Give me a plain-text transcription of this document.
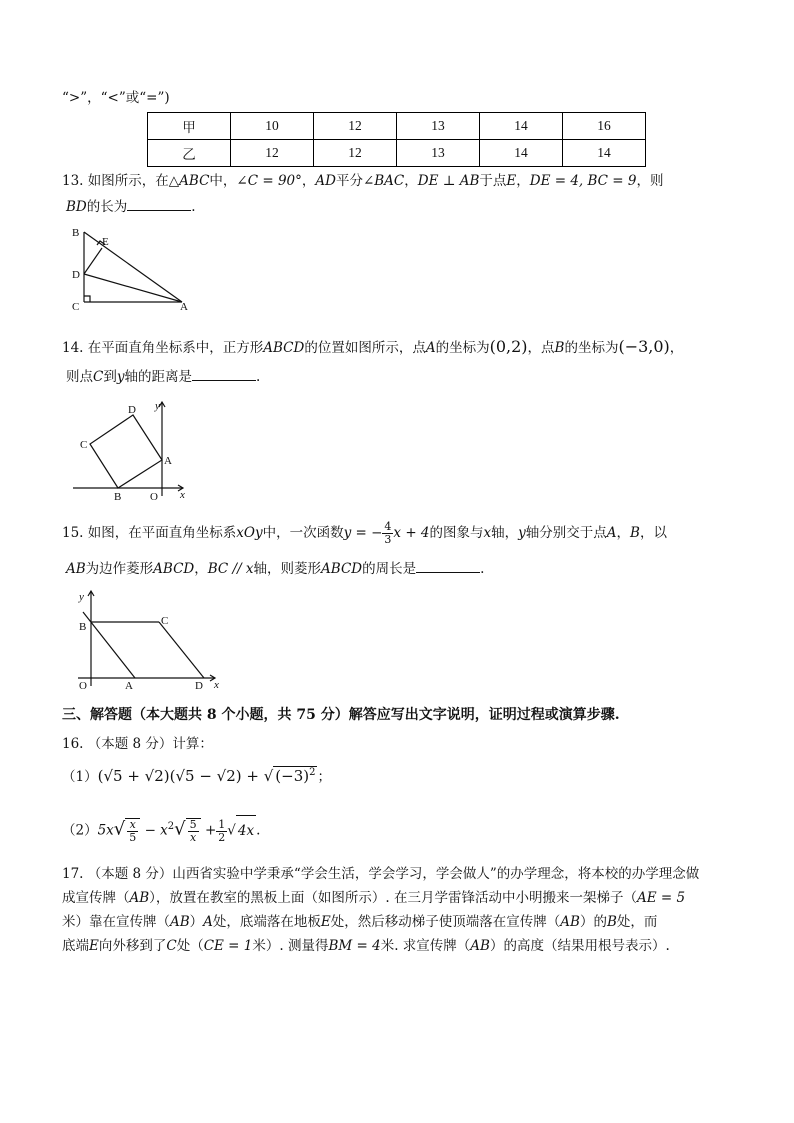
“>”，“<”或“=”)
甲	10	12	13	14	16
乙	12	12	13	14	14
13. 如图所示，在△ABC中，∠C = 90°，AD平分∠BAC，DE ⊥ AB于点E，DE = 4, BC = 9，则
BD的长为	.
B
E
D
C	A
14. 在平面直角坐标系中，正方形ABCD的位置如图所示，点A的坐标为(0,2)，点B的坐标为(−3,0)，
则点C到y轴的距离是	.
D y
C
A
B	O x
15. 如图，在平面直角坐标系xOy中，一次函数y = − $\frac{4}{3}$ x + 4的图象与x轴，y轴分别交于点A，B，以
AB为边作菱形ABCD，BC // x轴，则菱形ABCD的周长是	.
y
B	C
O	A	D x
三、解答题（本大题共 8 个小题，共 75 分）解答应写出文字说明，证明过程或演算步骤.
16. （本题 8 分）计算：
（1）(√5 + √2)(√5 − √2) + √ $(-3)^2$ ；
$(2)5x√ \frac{x}{5} - x^2√ \frac{5}{x} + \frac{1}{2}$ √ 4x .
17. （本题 8 分）山西省实验中学秉承“学会生活，学会学习，学会做人”的办学理念，将本校的办学理念做
成宣传牌（AB），放置在教室的黑板上面（如图所示）. 在三月学雷锋活动中小明搬来一架梯子（AE = 5
米）靠在宣传牌（AB）A处，底端落在地板E处，然后移动梯子使顶端落在宣传牌（AB）的B处，而
底端E向外移到了C处（CE = 1米）. 测量得BM = 4米. 求宣传牌（AB）的高度（结果用根号表示）.
